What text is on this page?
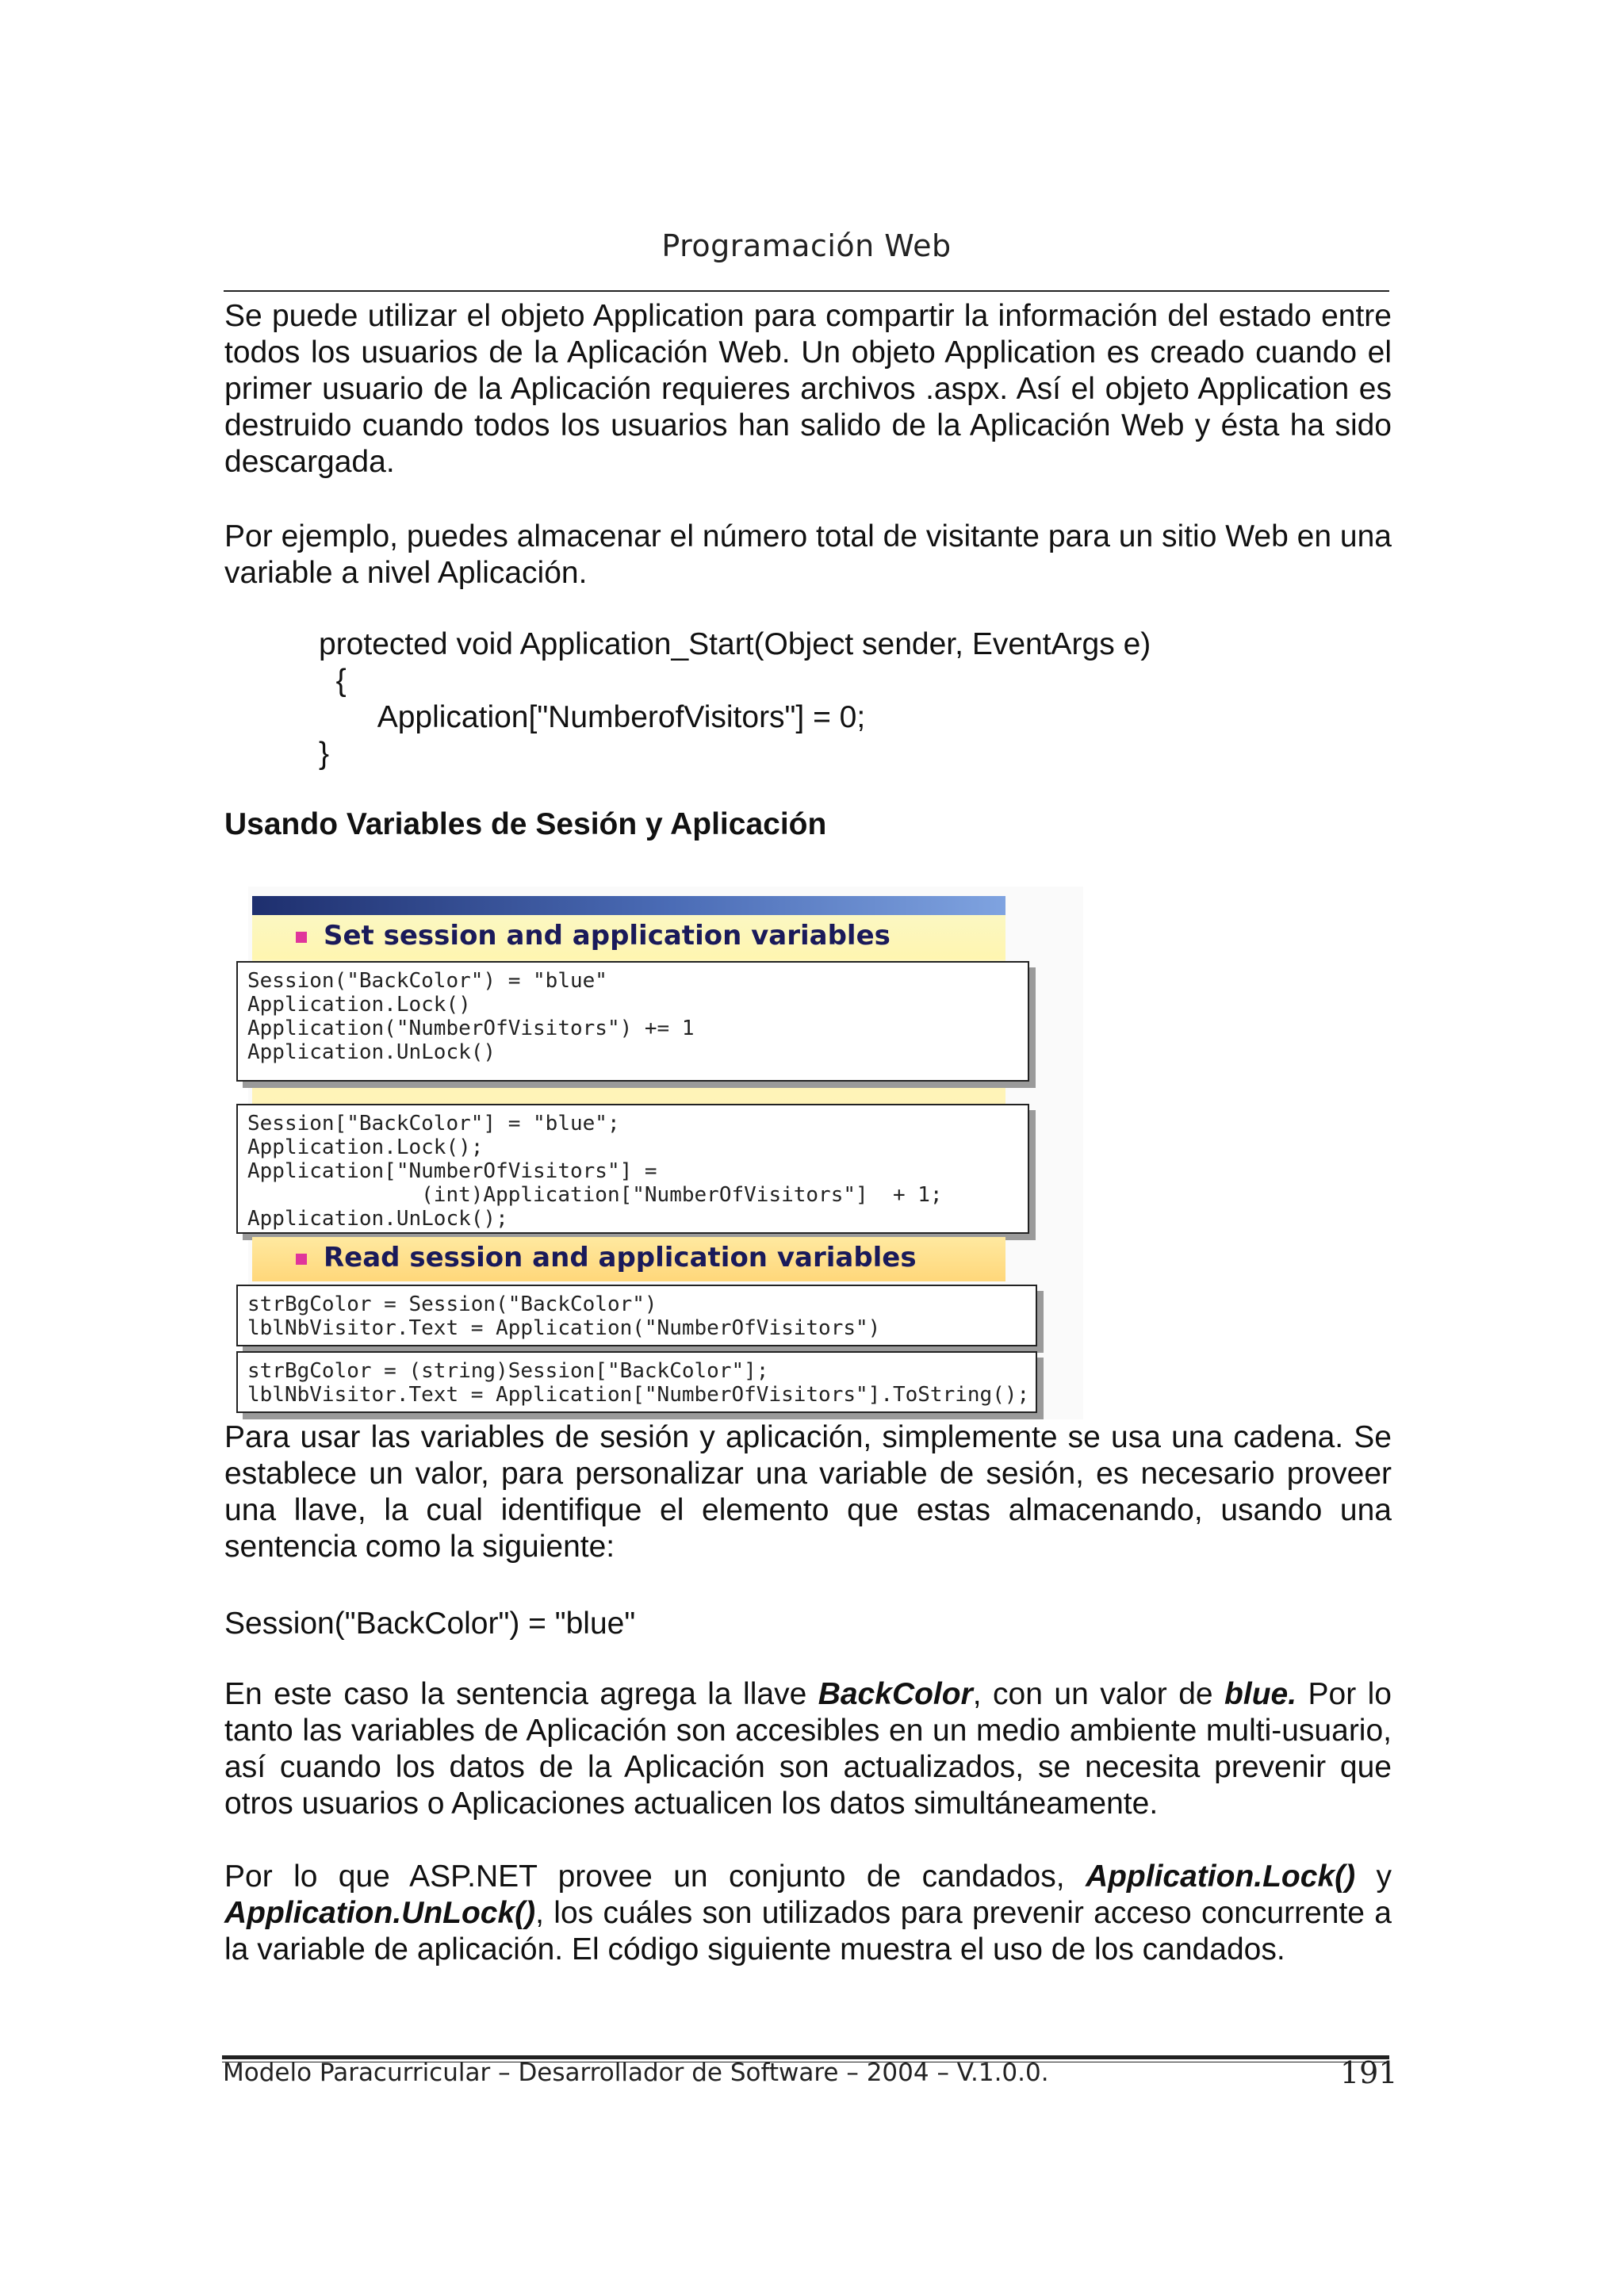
Programación Web

Se puede utilizar el objeto Application para compartir la información del estado entre todos los usuarios de la Aplicación Web. Un objeto Application es creado cuando el primer usuario de la Aplicación requieres archivos .aspx. Así el objeto Application es destruido cuando todos los usuarios han salido de la Aplicación Web y ésta ha sido descargada.

Por ejemplo, puedes almacenar el número total de visitante para un sitio Web en una variable a nivel Aplicación.

protected void Application_Start(Object sender, EventArgs e)
{
Application["NumberofVisitors"] = 0;
}
Usando Variables de Sesión y Aplicación
Set session and application variables
Session("BackColor") = "blue"
Application.Lock()
Application("NumberOfVisitors") += 1
Application.UnLock()
Session["BackColor"] = "blue";
Application.Lock();
Application["NumberOfVisitors"] =
(int)Application["NumberOfVisitors"]  + 1;
Application.UnLock();
Read session and application variables
strBgColor = Session("BackColor")
lblNbVisitor.Text = Application("NumberOfVisitors")
strBgColor = (string)Session["BackColor"];
lblNbVisitor.Text = Application["NumberOfVisitors"].ToString();

Para usar las variables de sesión y aplicación, simplemente se usa una cadena. Se establece un valor, para personalizar una variable de sesión, es necesario proveer una llave, la cual identifique el elemento que estas almacenando, usando una sentencia como la siguiente:

Session("BackColor") = "blue"

En este caso la sentencia agrega la llave BackColor, con un valor de blue. Por lo tanto las variables de Aplicación son accesibles en un medio ambiente multi-usuario, así cuando los datos de la Aplicación son actualizados, se necesita prevenir que otros usuarios o Aplicaciones actualicen los datos simultáneamente.

Por lo que ASP.NET provee un conjunto de candados, Application.Lock() y Application.UnLock(), los cuáles son utilizados para prevenir acceso concurrente a la variable de aplicación. El código siguiente muestra el uso de los candados.

Modelo Paracurricular – Desarrollador de Software – 2004 – V.1.0.0.	191
